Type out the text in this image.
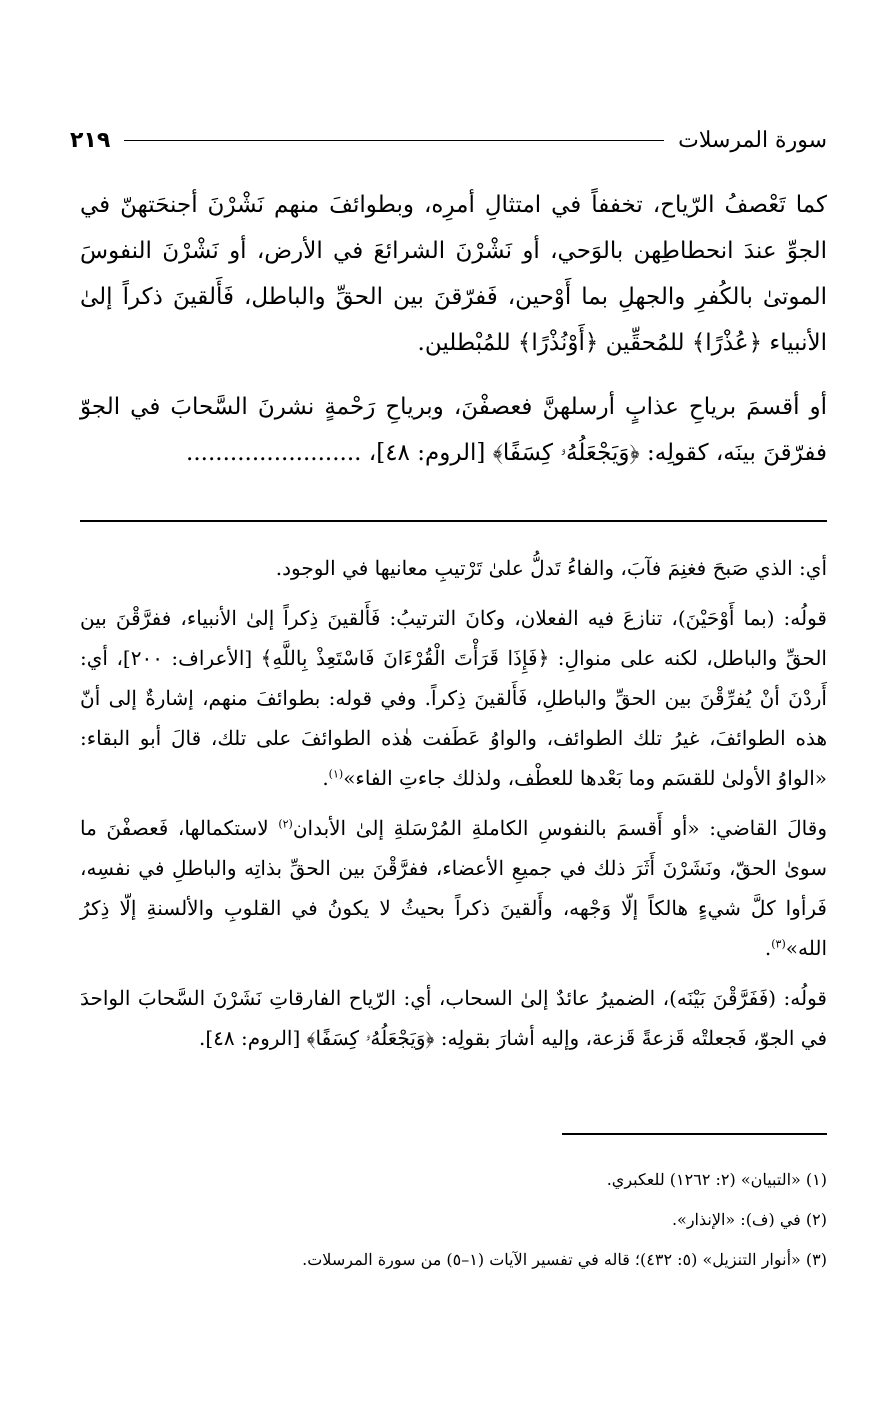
سورة المرسلات
٢١٩

كما تَعْصفُ الرّياح، تخففاً في امتثالِ أمرِه، وبطوائفَ منهم نَشْرْنَ أجنحَتهنّ في الجوِّ عندَ انحطاطِهن بالوَحي، أو نَشْرْنَ الشرائعَ في الأرض، أو نَشْرْنَ النفوسَ الموتىٰ بالكُفرِ والجهلِ بما أَوْحين، فَفرّقنَ بين الحقِّ والباطل، فَأَلقينَ ذكراً إلىٰ الأنبياء ﴿عُذْرًا﴾ للمُحقِّين ﴿أَوْنُذْرًا﴾ للمُبْطلين.

أو أقسمَ برياحِ عذابٍ أرسلهنَّ فعصفْنَ، وبرياحِ رَحْمةٍ نشرنَ السَّحابَ في الجوّ ففرّقنَ بينَه، كقولِه: ﴿وَيَجْعَلُهُۥ كِسَفًا﴾ [الروم: ٤٨]، ........................

أي: الذي صَبحَ فغنِمَ فآبَ، والفاءُ تَدلُّ علىٰ تَرْتيبِ معانيها في الوجود.

قولُه: (بما أَوْحَيْنَ)، تنازعَ فيه الفعلان، وكانَ الترتيبُ: فَأَلقينَ ذِكراً إلىٰ الأنبياء، ففرَّقْنَ بين الحقِّ والباطل، لكنه على منوالِ: ﴿فَإِذَا قَرَأْتَ الْقُرْءَانَ فَاسْتَعِذْ بِاللَّهِ﴾ [الأعراف: ٢٠٠]، أي: أَردْنَ أنْ يُفرِّقْنَ بين الحقِّ والباطلِ، فَأَلقينَ ذِكراً. وفي قوله: بطوائفَ منهم، إشارةٌ إلى أنّ هذه الطوائفَ، غيرُ تلك الطوائف، والواوُ عَطَفت هٰذه الطوائفَ على تلك، قالَ أبو البقاء: «الواوُ الأولىٰ للقسَم وما بَعْدها للعطْف، ولذلك جاءتِ الفاء»$^{(١)}$.

وقالَ القاضي: «أو أَقسمَ بالنفوسِ الكاملةِ المُرْسَلةِ إلىٰ الأبدان$^{(٢)}$ لاستكمالها، فَعصفْنَ ما سوىٰ الحقّ، ونَشَرْنَ أَثَرَ ذلك في جميعِ الأعضاء، ففرَّقْنَ بين الحقِّ بذاتِه والباطلِ في نفسِه، فَرأوا كلَّ شيءٍ هالكاً إلّا وَجْهه، وأَلقينَ ذكراً بحيثُ لا يكونُ في القلوبِ والألسنةِ إلّا ذِكرُ الله»$^{(٣)}$.

قولُه: (فَفَرَّقْنَ بَيْنَه)، الضميرُ عائدٌ إلىٰ السحاب، أي: الرّياح الفارقاتِ نَشَرْنَ السَّحابَ الواحدَ في الجوّ، فَجعلتْه قَزعةً قَزعة، وإليه أشارَ بقولِه: ﴿وَيَجْعَلُهُۥ كِسَفًا﴾ [الروم: ٤٨].

(١) «التبيان» (٢: ١٢٦٢) للعكبري.

(٢) في (ف): «الإنذار».

(٣) «أنوار التنزيل» (٥: ٤٣٢)؛ قاله في تفسير الآيات (١–٥) من سورة المرسلات.
